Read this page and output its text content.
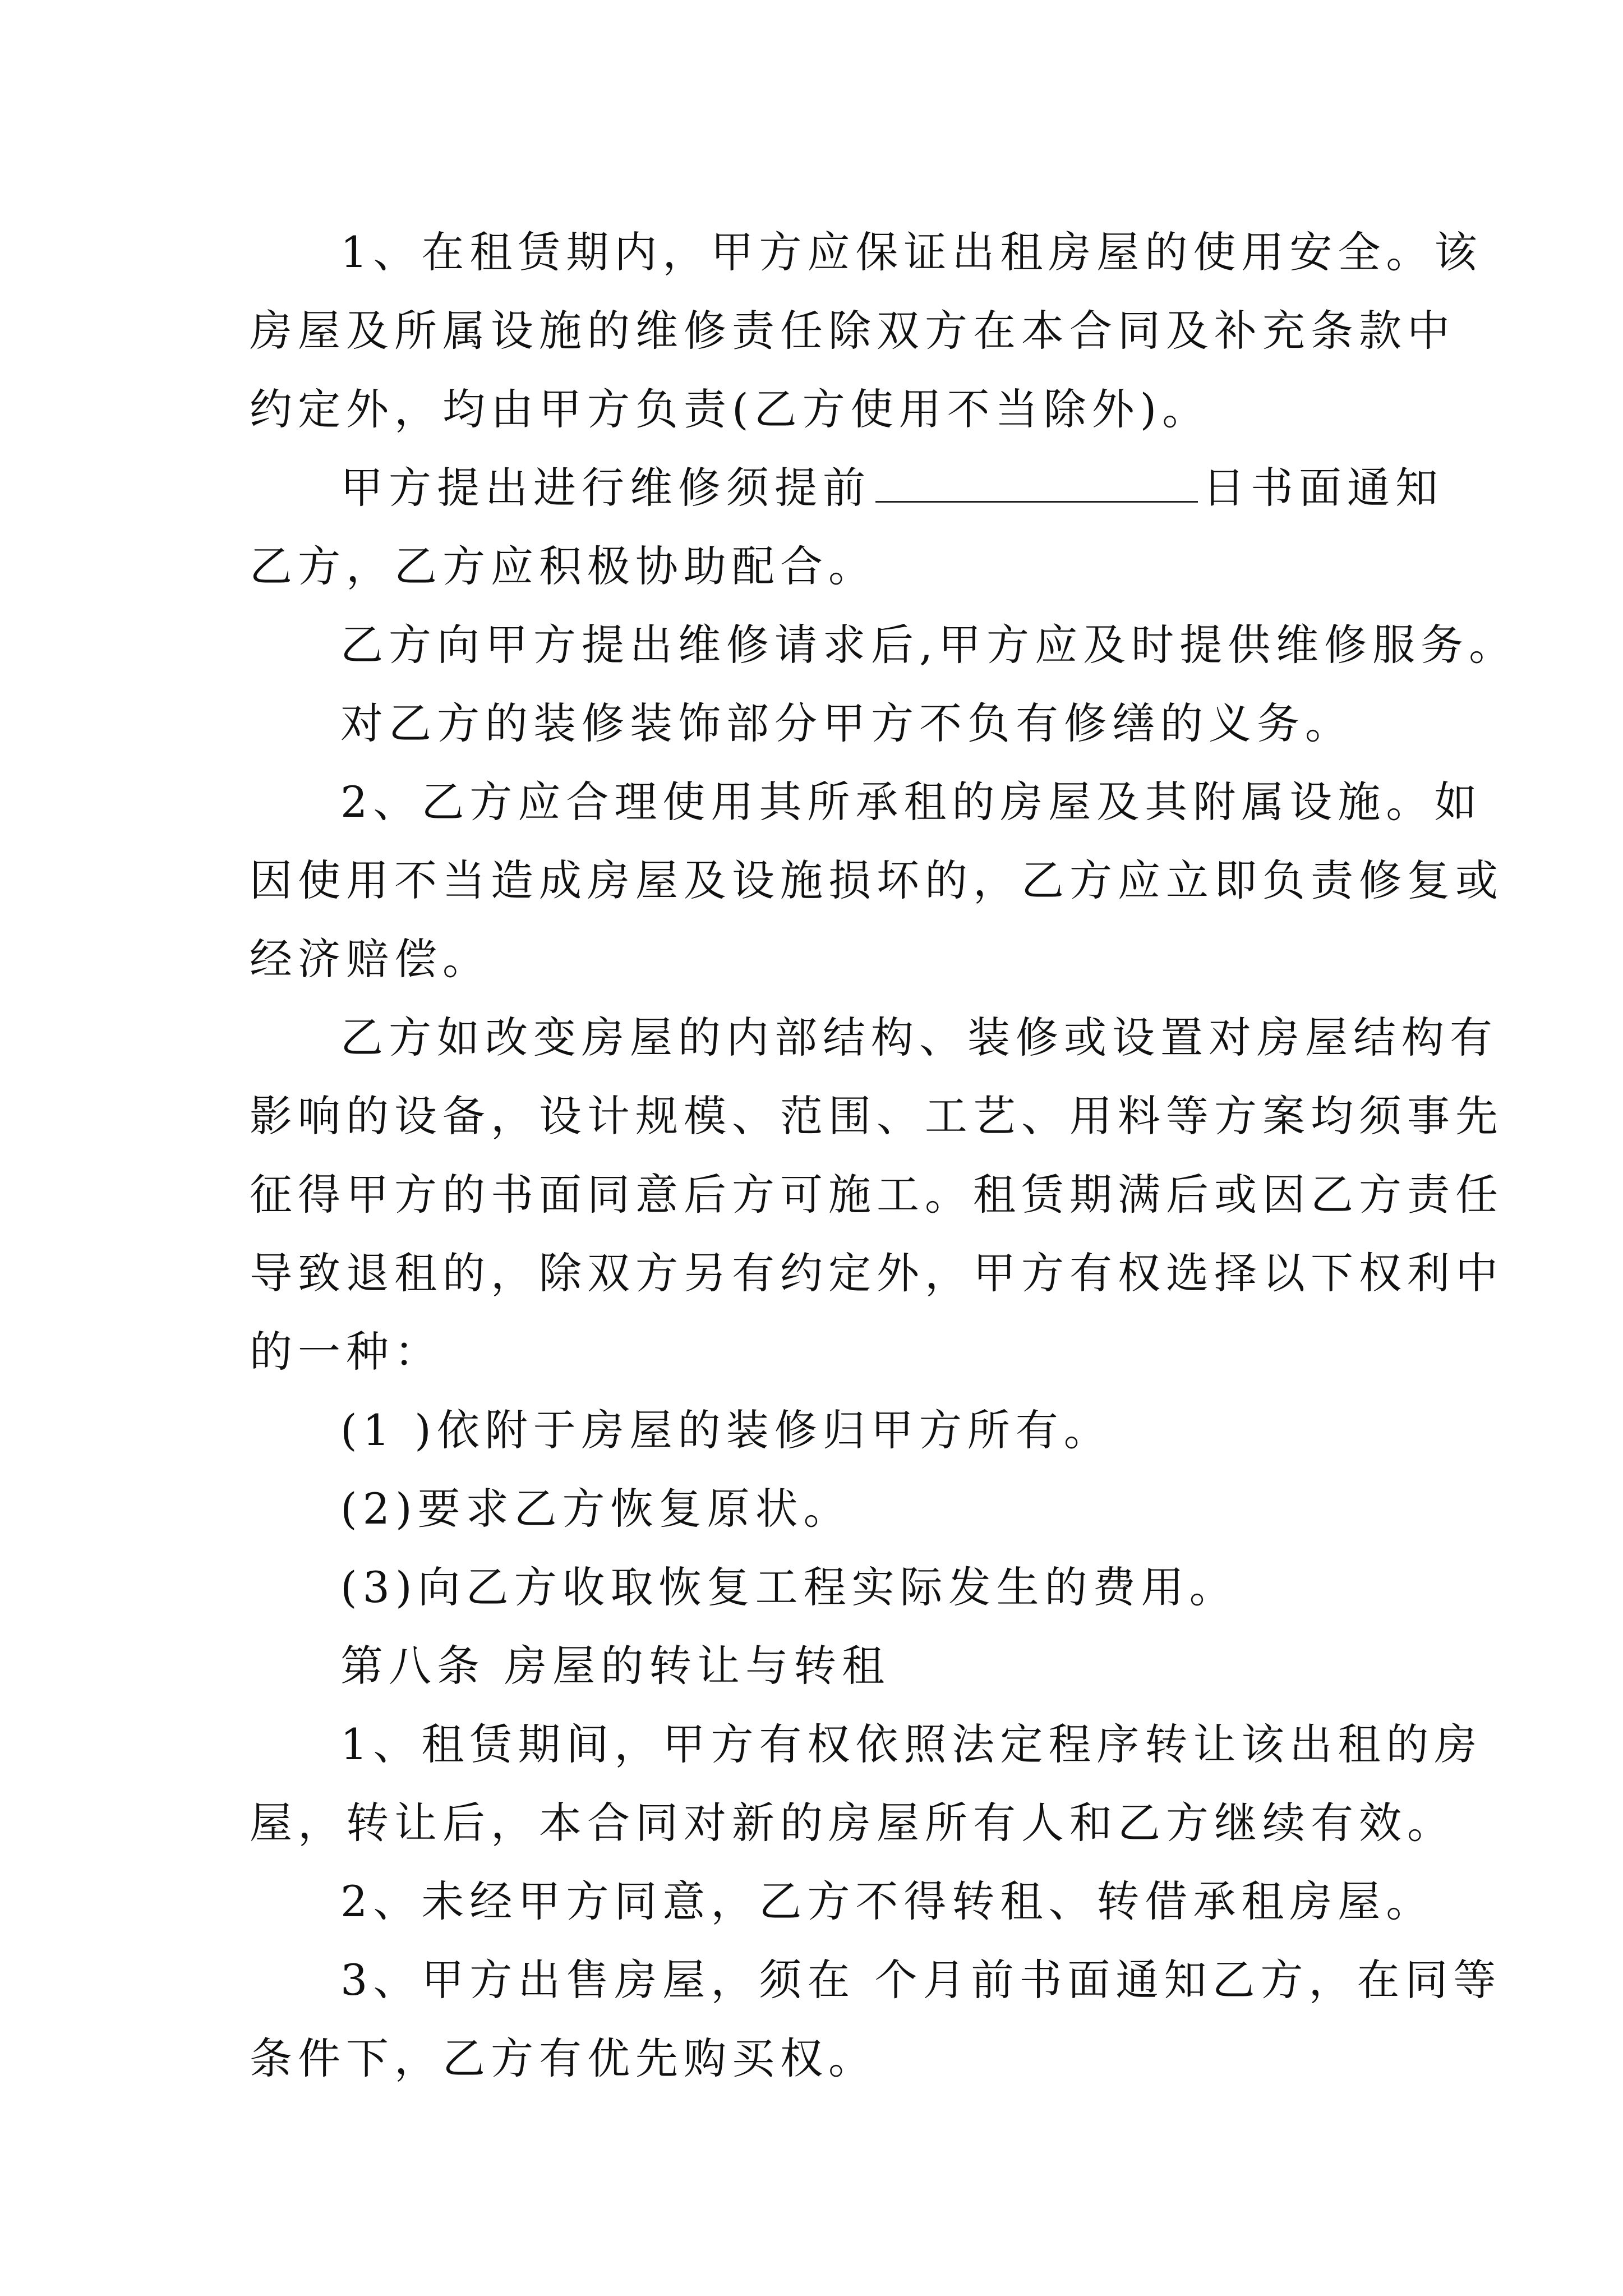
1、在租赁期内，甲方应保证出租房屋的使用安全。该
房屋及所属设施的维修责任除双方在本合同及补充条款中
约定外，均由甲方负责(乙方使用不当除外)。
甲方提出进行维修须提前	日书面通知
乙方，乙方应积极协助配合。
乙方向甲方提出维修请求后,甲方应及时提供维修服务。
对乙方的装修装饰部分甲方不负有修缮的义务。
2、乙方应合理使用其所承租的房屋及其附属设施。如
因使用不当造成房屋及设施损坏的，乙方应立即负责修复或
经济赔偿。
乙方如改变房屋的内部结构、装修或设置对房屋结构有
影响的设备，设计规模、范围、工艺、用料等方案均须事先
征得甲方的书面同意后方可施工。租赁期满后或因乙方责任
导致退租的，除双方另有约定外，甲方有权选择以下权利中
的一种：
(1 )依附于房屋的装修归甲方所有。
(2)要求乙方恢复原状。
(3)向乙方收取恢复工程实际发生的费用。
第八条 房屋的转让与转租
1、租赁期间，甲方有权依照法定程序转让该出租的房
屋，转让后，本合同对新的房屋所有人和乙方继续有效。
2、未经甲方同意，乙方不得转租、转借承租房屋。
3、甲方出售房屋，须在 个月前书面通知乙方，在同等
条件下，乙方有优先购买权。
